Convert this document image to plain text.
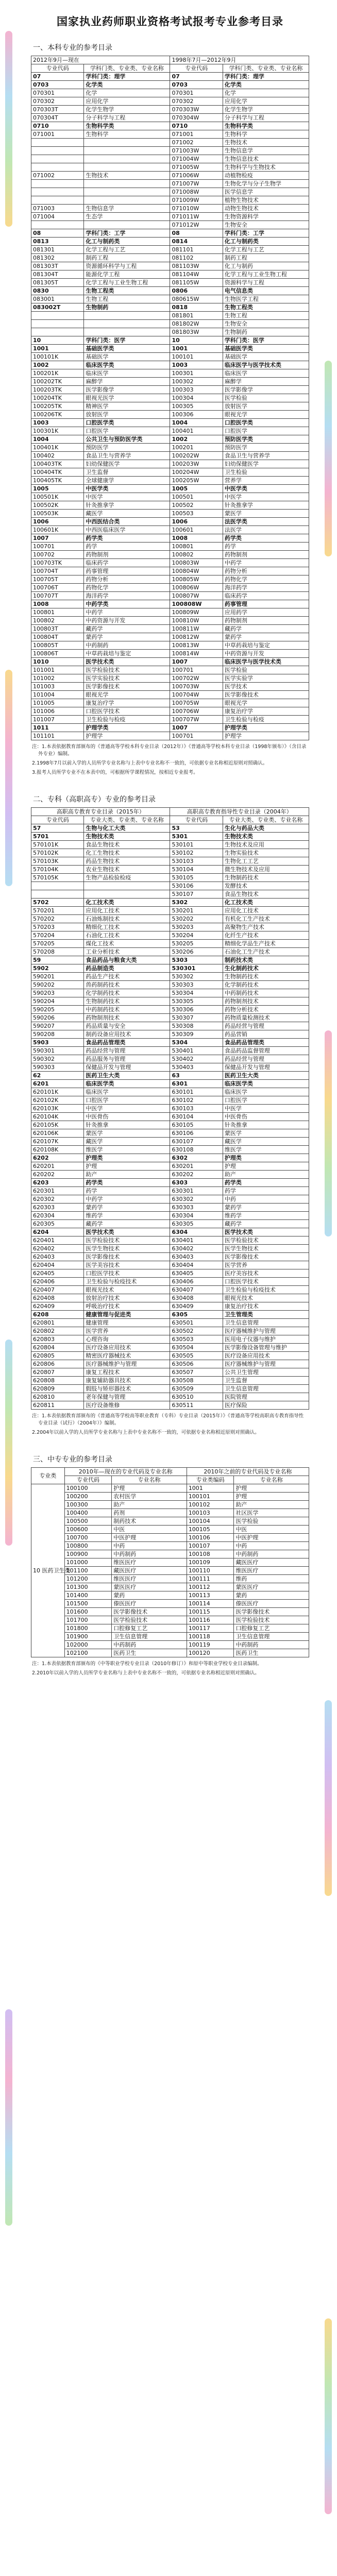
国家执业药师职业资格考试报考专业参考目录
一、本科专业的参考目录
2012年9月—现在		1998年7月—2012年9月	
专业代码	学科门类、专业类、专业名称	专业代码	学科门类、专业类、专业名称
07	学科门类：理学	07	学科门类：理学
0703	化学类	0703	化学类
070301	化学	070301	化学
070302	应用化学	070302	应用化学
070303T	化学生物学	070303W	化学生物学
070304T	分子科学与工程	070304W	分子科学与工程
0710	生物科学类	0710	生物科学类
071001	生物科学	071001	生物科学
		071002	生物技术
		071003W	生物信息学
		071004W	生物信息技术
		071005W	生物科学与生物技术
071002	生物技术	071006W	动植物检疫
		071007W	生物化学与分子生物学
		071008W	医学信息学
		071009W	植物生物技术
071003	生物信息学	071010W	动物生物技术
071004	生态学	071011W	生物资源科学
		071012W	生物安全
08	学科门类：工学	08	学科门类：工学
0813	化工与制药类	0814	化工与制药类
081301	化学工程与工艺	081101	化学工程与工艺
081302	制药工程	081102	制药工程
081303T	资源循环科学与工程	081103W	化工与制药
081304T	能源化学工程	081104W	化学工程与工业生物工程
081305T	化学工程与工业生物工程	081105W	资源科学与工程
0830	生物工程类	0806	电气信息类
083001	生物工程	080615W	生物医学工程
083002T	生物制药	0818	生物工程类
		081801	生物工程
		081802W	生物安全
		081803W	生物制药
10	学科门类：医学	10	学科门类：医学
1001	基础医学类	1001	基础医学类
100101K	基础医学	100101	基础医学
1002	临床医学类	1003	临床医学与医学技术类
100201K	临床医学	100301	临床医学
100202TK	麻醉学	100302	麻醉学
100203TK	医学影像学	100303	医学影像学
100204TK	眼视光医学	100304	医学检验
100205TK	精神医学	100305	放射医学
100206TK	放射医学	100306	眼视光学
1003	口腔医学类	1004	口腔医学类
100301K	口腔医学	100401	口腔医学
1004	公共卫生与预防医学类	1002	预防医学类
100401K	预防医学	100201	预防医学
100402	食品卫生与营养学	100202W	食品卫生与营养学
100403TK	妇幼保健医学	100203W	妇幼保健医学
100404TK	卫生监督	100204W	卫生检验
100405TK	全球健康学	100205W	营养学
1005	中医学类	1005	中医学类
100501K	中医学	100501	中医学
100502K	针灸推拿学	100502	针灸推拿学
100503K	藏医学	100503	蒙医学
1006	中西医结合类	1006	法医学类
100601K	中西医临床医学	100601	法医学
1007	药学类	1008	药学类
100701	药学	100801	药学
100702	药物制剂	100802	药物制剂
100703TK	临床药学	100803W	中药学
100704T	药事管理	100804W	药物分析
100705T	药物分析	100805W	药物化学
100706T	药物化学	100806W	海洋药学
100707T	海洋药学	100807W	临床药学
1008	中药学类	100808W	药事管理
100801	中药学	100809W	应用药学
100802	中药资源与开发	100810W	药物制剂
100803T	藏药学	100811W	藏药学
100804T	蒙药学	100812W	蒙药学
100805T	中药制药	100813W	中草药栽培与鉴定
100806T	中草药栽培与鉴定	100814W	中药资源与开发
1010	医学技术类	1007	临床医学与医学技术类
101001	医学检验技术	100701	医学检验
101002	医学实验技术	100702W	医学实验学
101003	医学影像技术	100703W	医学技术
101004	眼视光学	100704W	医学影像技术
101005	康复治疗学	100705W	眼视光学
101006	口腔医学技术	100706W	康复治疗学
101007	卫生检验与检疫	100707W	卫生检验与检疫
1011	护理学类	1007	护理学类
101101	护理学	100701	护理学

注：1.本表依据教育部颁布的《普通高等学校本科专业目录（2012年）》《普通高等学校本科专业目录（1998年颁布）》（含目录外专业）编制。

2.1998年7月以前入学的人员所学专业名称与上表中专业名称不一致的，可依据专业名称相近原则对照确认。

3.报考人员所学专业不在本表中的，可根据所学课程情况，按相近专业报考。

二、专科（高职高专）专业的参考目录
高职高专教育专业目录（2015年）		高职高专教育指导性专业目录（2004年）	
专业代码	专业大类、专业类、专业名称	专业代码	专业大类、专业类、专业名称
57	生物与化工大类	53	生化与药品大类
5701	生物技术类	5301	生物技术类
570101K	食品生物技术	530101	生物技术及应用
570102K	化工生物技术	530102	生物实验技术
570103K	药品生物技术	530103	生物化工工艺
570104K	农业生物技术	530104	微生物技术及应用
570105K	生物产品检验检疫	530105	生物制药技术
		530106	发酵技术
		530107	食品生物技术
5702	化工技术类	5302	化工技术类
570201	应用化工技术	530201	应用化工技术
570202	石油炼制技术	530202	有机化工生产技术
570203	精细化工技术	530203	高聚物生产技术
570204	石油化工技术	530204	化纤生产技术
570205	煤化工技术	530205	精细化学品生产技术
570208	工业分析技术	530206	石油化工生产技术
59	食品药品与粮食大类	5303	制药技术类
5902	药品制造类	530301	生化制药技术
590201	药品生产技术	530302	生物制药技术
590202	兽药制药技术	530303	化学制药技术
590203	化学制药技术	530304	中药制药技术
590204	生物制药技术	530305	药物制剂技术
590205	中药制药技术	530306	药物分析技术
590206	药物制剂技术	530307	药物质量检测技术
590207	药品质量与安全	530308	药品经营与管理
590208	制药设备应用技术	530309	药品营销
5903	食品药品管理类	5304	食品药品管理类
590301	药品经营与管理	530401	食品药品监督管理
590302	药品服务与管理	530402	药品经营与管理
590303	保健品开发与管理	530403	保健品开发与管理
62	医药卫生大类	63	医药卫生大类
6201	临床医学类	6301	临床医学类
620101K	临床医学	630101	临床医学
620102K	口腔医学	630102	口腔医学
620103K	中医学	630103	中医学
620104K	中医骨伤	630104	中医骨伤
620105K	针灸推拿	630105	针灸推拿
620106K	蒙医学	630106	蒙医学
620107K	藏医学	630107	藏医学
620108K	维医学	630108	维医学
6202	护理类	6302	护理类
620201	护理	630201	护理
620202	助产	630202	助产
6203	药学类	6303	药学类
620301	药学	630301	药学
620302	中药学	630302	中药
620303	蒙药学	630303	蒙药学
620304	维药学	630304	维药学
620305	藏药学	630305	藏药学
6204	医学技术类	6304	医学技术类
620401	医学检验技术	630401	医学检验技术
620402	医学生物技术	630402	医学生物技术
620403	医学影像技术	630403	医学影像技术
620404	医学美容技术	630404	医学营养
620405	口腔医学技术	630405	医疗美容技术
620406	卫生检验与检疫技术	630406	口腔医学技术
620407	眼视光技术	630407	卫生检验与检疫技术
620408	放射治疗技术	630408	眼视光技术
620409	呼吸治疗技术	630409	康复治疗技术
6208	健康管理与促进类	6305	卫生管理类
620801	健康管理	630501	卫生信息管理
620802	医学营养	630502	医疗器械维护与管理
620803	心理咨询	630503	医用电子仪器与维护
620804	医疗设备应用技术	630504	医学影像设备管理与维护
620805	精密医疗器械技术	630505	医疗设备应用技术
620806	医疗器械维护与管理	630506	医疗器械维护与管理
620807	康复工程技术	630507	公共卫生管理
620808	康复辅助器具技术	630508	卫生监督
620809	假肢与矫形器技术	630509	卫生信息管理
620810	老年保健与管理	630510	医院管理
620811	医疗设备维修	630511	医疗保险

注：1.本表依据教育部颁布的《普通高等学校高等职业教育（专科）专业目录（2015年）》《普通高等学校高职高专教育指导性专业目录（试行）（2004年）》编制。

2.2004年以前入学的人员所学专业名称与上表中专业名称不一致的，可依据专业名称相近原则对照确认。

三、中专专业的参考目录
专业类	2010年—现在的专业代码及专业名称		2010年之前的专业代码及专业名称	
	专业代码	专业名称	专业类编码	专业名称
10 医药卫生类	100100	护理	1001	护理
	100200	农村医学	100101	护理
	100300	助产	100102	助产
	100400	药剂	100103	社区医学
	100500	制药技术	100104	医学检验
	100600	中医	100105	中医
	100700	中医护理	100106	中医护理
	100800	中药	100107	中药
	100900	中药制药	100108	中药制药
	101000	维医医疗	100109	藏医医疗
	101100	藏医医疗	100110	维医医疗
	101200	维医医疗	100111	维药
	101300	蒙医医疗	100112	蒙医医疗
	101400	蒙药	100113	蒙药
	101500	傣医医疗	100114	傣医医疗
	101600	医学影像技术	100115	医学影像技术
	101700	医学检验技术	100116	医学检验技术
	101800	口腔修复工艺	100117	口腔修复工艺
	101900	卫生信息管理	100118	卫生信息管理
	102000	中药制药	100119	中药制药
	102100	医药卫生	100120	医药卫生

注：1.本表依据教育部颁布的《中等职业学校专业目录（2010年修订）》和原中等职业学校专业目录编制。

2.2010年以前入学的人员所学专业名称与上表中专业名称不一致的，可依据专业名称相近原则对照确认。
